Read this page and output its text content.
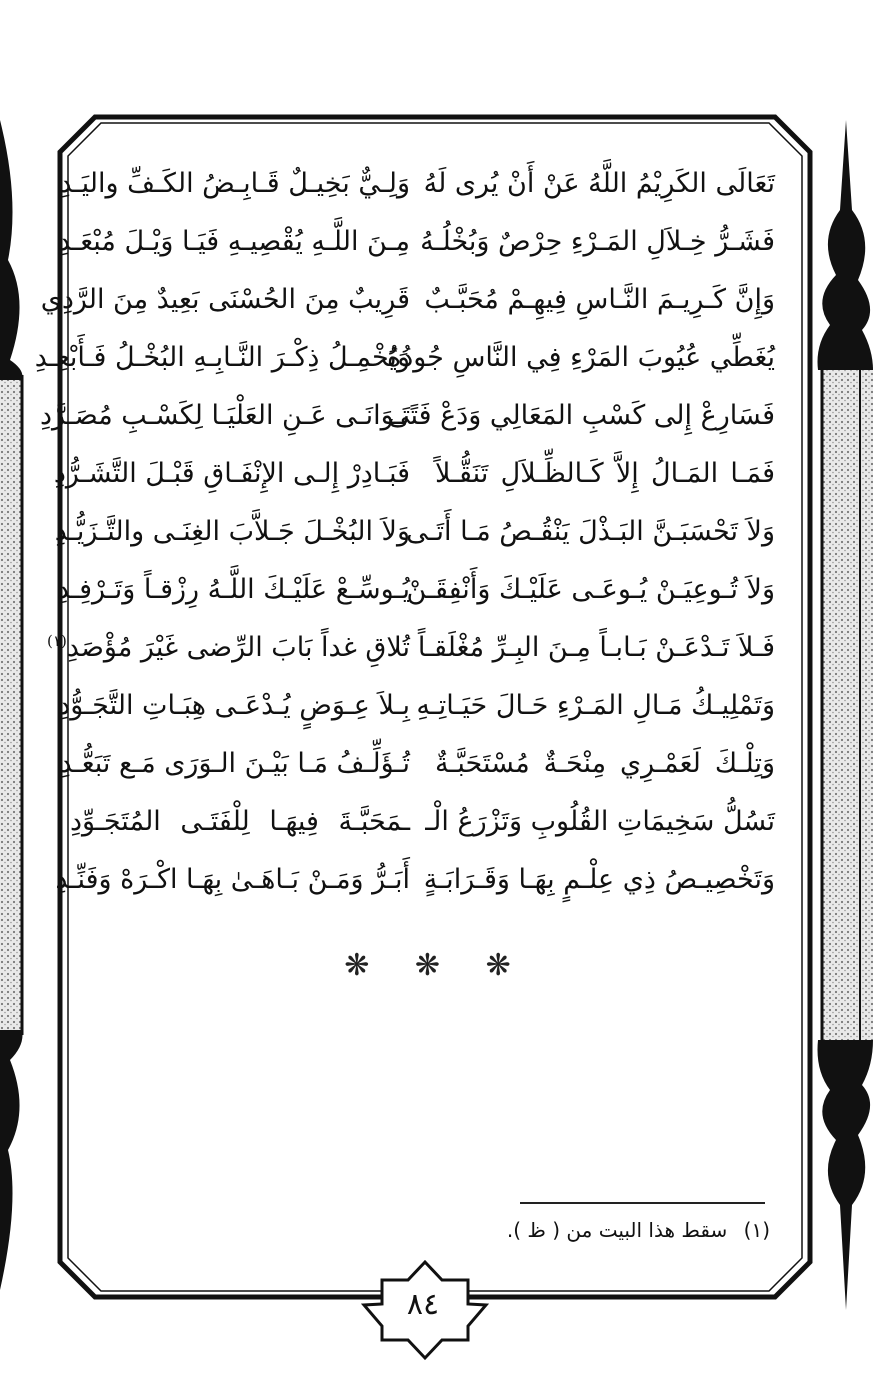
تَعَالَى الكَرِيْمُ اللَّهُ عَنْ أَنْ يُرى لَهُ
وَلِـيٌّ بَخِيـلٌ قَـابِـضُ الكَـفِّ واليَـدِ
فَشَـرُّ خِـلاَلِ المَـرْءِ حِرْصٌ وَبُخْلُـهُ
مِـنَ اللَّـهِ يُقْصِيـهِ فَيَـا وَيْـلَ مُبْعَـدِ
وَإِنَّ كَـرِيـمَ النَّـاسِ فِيهِـمْ مُحَبَّـبٌ
قَرِيبٌ مِنَ الحُسْنَى بَعِيدٌ مِنَ الرَّدِي
يُغَطِّي عُيُوبَ المَرْءِ فِي النَّاسِ جُودُهُ
وَيُخْمِـلُ ذِكْـرَ النَّـابِـهِ البُخْـلُ فَـأَبْعِـدِ
فَسَارِعْ إِلى كَسْبِ المَعَالِي وَدَعْ فَتًى
تَـوَانَـى عَـنِ العَلْيَـا لِكَسْـبِ مُصَـرَّدِ
فَمَـا المَـالُ إِلاَّ كَـالظِّـلاَلِ تَنَقُّـلاً
فَبَـادِرْ إِلـى الإِنْفَـاقِ قَبْـلَ التَّشَـرُّدِ
وَلاَ تَحْسَبَـنَّ البَـذْلَ يَنْقُـصُ مَـا أَتَـى
وَلاَ البُخْـلَ جَـلاَّبَ الغِنَـى والتَّـزَيُّـدِ
وَلاَ تُـوعِيَـنْ يُـوعَـى عَلَيْـكَ وَأَنْفِقَـنْ
يُـوسِّـعْ عَلَيْـكَ اللَّـهُ رِزْقـاً وَتَـرْفِـدِ
فَـلاَ تَـدْعَـنْ بَـابـاً مِـنَ البِـرِّ مُغْلَقـاً
تُلاقِ غداً بَابَ الرِّضى غَيْرَ مُؤْصَدِ$^{(١)}$
وَتَمْلِيـكُ مَـالِ المَـرْءِ حَـالَ حَيَـاتِـهِ
بِـلاَ عِـوَضٍ يُـدْعَـى هِبَـاتِ التَّجَـوُّدِ
وَتِلْـكَ لَعَمْـرِي مِنْحَـةٌ مُسْتَحَبَّـةٌ
تُـؤَلِّـفُ مَـا بَيْـنَ الـوَرَى مَـع تَبَعُّـدِ
تَسُلُّ سَخِيمَاتِ القُلُوبِ وَتَزْرَعُ الْـ
ـمَحَبَّـةَ فِيهَـا لِلْفَتَـى المُتَجَـوِّدِ
وَتَخْصِيـصُ ذِي عِلْـمٍ بِهَـا وَقَـرَابَـةٍ
أَبَـرُّ وَمَـنْ بَـاهَـىٰ بِهَـا اكْـرَهْ وَفَنِّـدِ
❋ ❋ ❋
(١) سقط هذا البيت من ( ظ ).
٨٤
